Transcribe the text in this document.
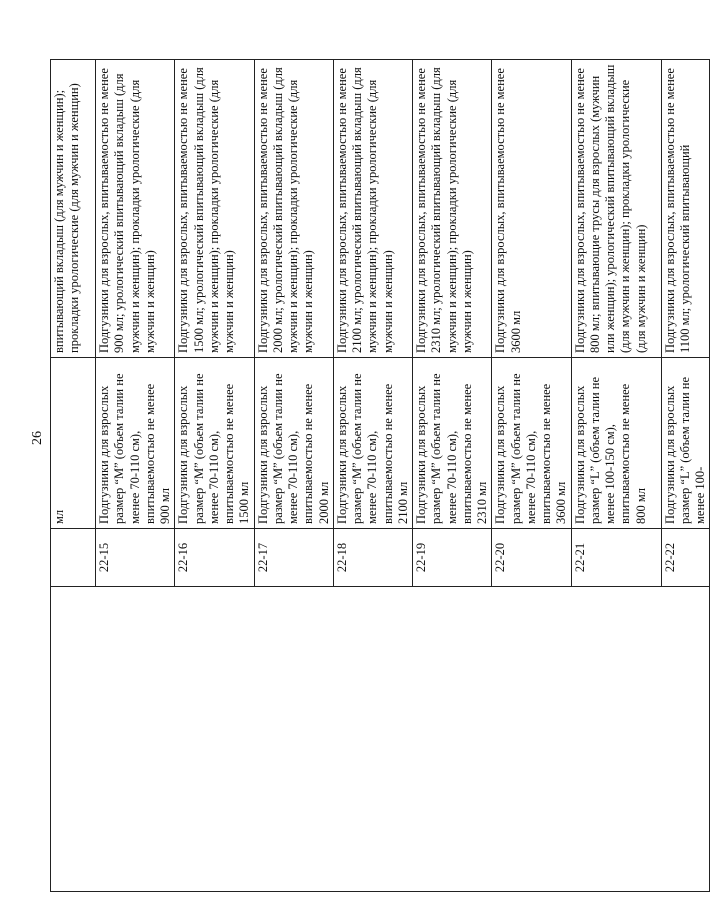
26
		мл	впитывающий вкладыш (для мужчин и женщин); прокладки урологические (для мужчин и женщин)
	22-15	Подгузники для взрослых размер “M” (объем талии не менее 70-110 см), впитываемостью не менее 900 мл	Подгузники для взрослых, впитываемостью не менее 900 мл; урологический впитывающий вкладыш (для мужчин и женщин); прокладки урологические (для мужчин и женщин)
	22-16	Подгузники для взрослых размер “M” (объем талии не менее 70-110 см), впитываемостью не менее 1500 мл	Подгузники для взрослых, впитываемостью не менее 1500 мл; урологический впитывающий вкладыш (для мужчин и женщин); прокладки урологические (для мужчин и женщин)
	22-17	Подгузники для взрослых размер “M” (объем талии не менее 70-110 см), впитываемостью не менее 2000 мл	Подгузники для взрослых, впитываемостью не менее 2000 мл; урологический впитывающий вкладыш (для мужчин и женщин); прокладки урологические (для мужчин и женщин)
	22-18	Подгузники для взрослых размер “M” (объем талии не менее 70-110 см), впитываемостью не менее 2100 мл	Подгузники для взрослых, впитываемостью не менее 2100 мл; урологический впитывающий вкладыш (для мужчин и женщин); прокладки урологические (для мужчин и женщин)
	22-19	Подгузники для взрослых размер “M” (объем талии не менее 70-110 см), впитываемостью не менее 2310 мл	Подгузники для взрослых, впитываемостью не менее 2310 мл; урологический впитывающий вкладыш (для мужчин и женщин); прокладки урологические (для мужчин и женщин)
	22-20	Подгузники для взрослых размер “M” (объем талии не менее 70-110 см), впитываемостью не менее 3600 мл	Подгузники для взрослых, впитываемостью не менее 3600 мл
	22-21	Подгузники для взрослых размер “L” (объем талии не менее 100-150 см), впитываемостью не менее 800 мл	Подгузники для взрослых, впитываемостью не менее 800 мл; впитывающие трусы для взрослых (мужчин или женщин); урологический впитывающий вкладыш (для мужчин и женщин); прокладки урологические (для мужчин и женщин)
	22-22	Подгузники для взрослых размер “L” (объем талии не менее 100-	Подгузники для взрослых, впитываемостью не менее 1100 мл; урологический впитывающий
